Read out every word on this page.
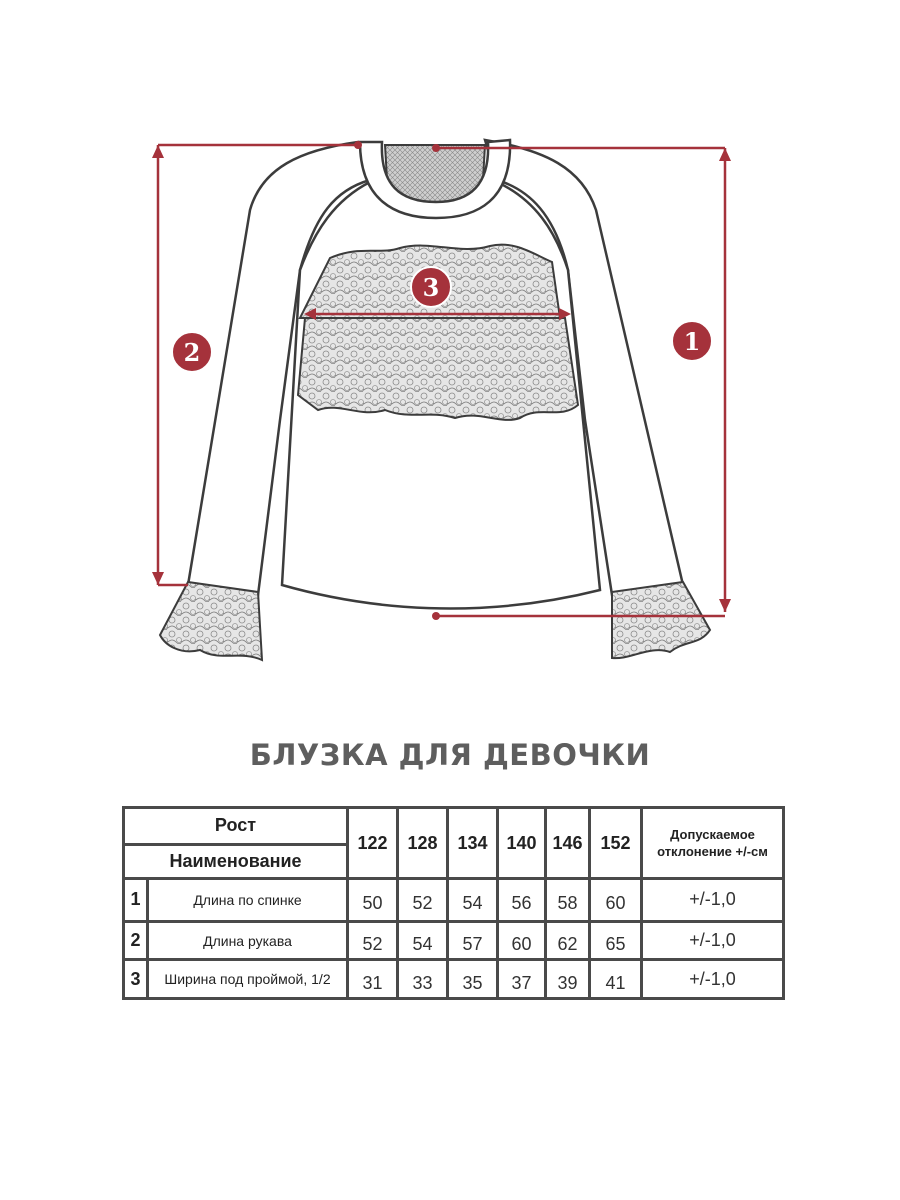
1
2
3
БЛУЗКА ДЛЯ ДЕВОЧКИ
Рост		122	128	134	140	146	152	Допускаемое
отклонение +/-см

Наименование								
1	Длина по спинке	50	52	54	56	58	60	+/-1,0
2	Длина рукава	52	54	57	60	62	65	+/-1,0
3	Ширина под проймой, 1/2	31	33	35	37	39	41	+/-1,0
